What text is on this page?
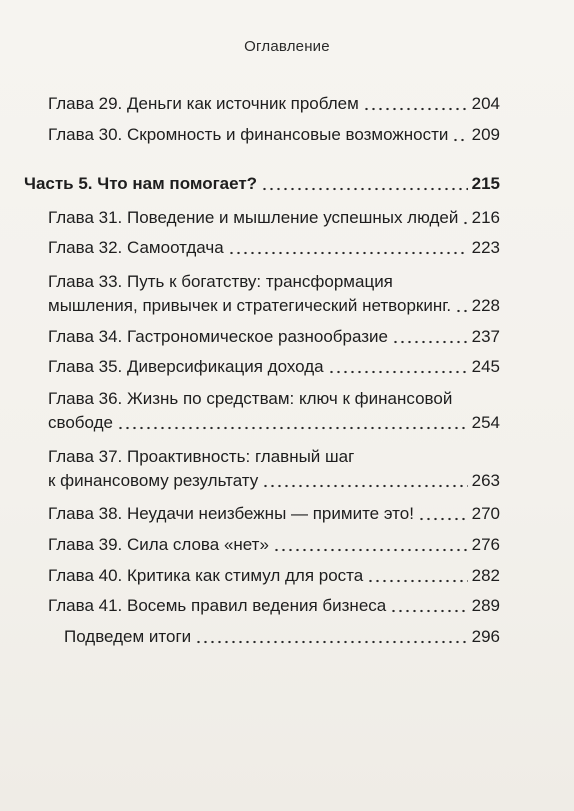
Оглавление
Глава 29. Деньги как источник проблем	204
Глава 30. Скромность и финансовые возможности 209
Часть 5. Что нам помогает?	215
Глава 31. Поведение и мышление успешных людей 216
Глава 32. Самоотдача	223
Глава 33. Путь к богатству: трансформация
мышления, привычек и стратегический нетворкинг. 228
Глава 34. Гастрономическое разнообразие	237
Глава 35. Диверсификация дохода	245
Глава 36. Жизнь по средствам: ключ к финансовой
свободе	254
Глава 37. Проактивность: главный шаг
к финансовому результату	263
Глава 38. Неудачи неизбежны — примите это!	270
Глава 39. Сила слова «нет»	276
Глава 40. Критика как стимул для роста	282
Глава 41. Восемь правил ведения бизнеса	289
Подведем итоги	296
